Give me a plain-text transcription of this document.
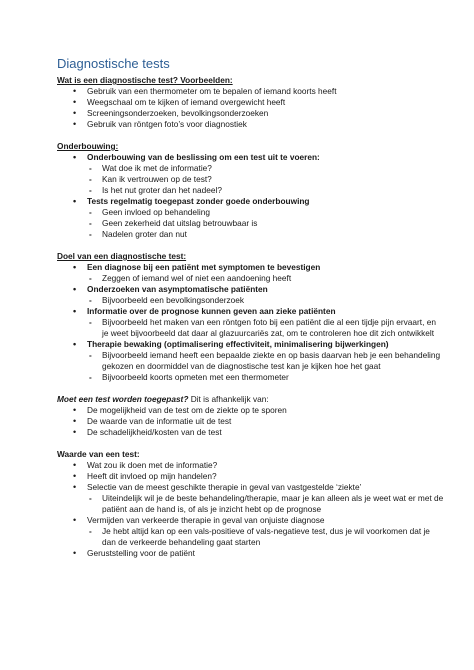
Diagnostische tests

Wat is een diagnostische test? Voorbeelden:

• Gebruik van een thermometer om te bepalen of iemand koorts heeft
• Weegschaal om te kijken of iemand overgewicht heeft
• Screeningsonderzoeken, bevolkingsonderzoeken
• Gebruik van röntgen foto’s voor diagnostiek

Onderbouwing:

• Onderbouwing van de beslissing om een test uit te voeren:
- Wat doe ik met de informatie?
- Kan ik vertrouwen op de test?
- Is het nut groter dan het nadeel?
• Tests regelmatig toegepast zonder goede onderbouwing
- Geen invloed op behandeling
- Geen zekerheid dat uitslag betrouwbaar is
- Nadelen groter dan nut

Doel van een diagnostische test:

• Een diagnose bij een patiënt met symptomen te bevestigen
- Zeggen of iemand wel of niet een aandoening heeft
• Onderzoeken van asymptomatische patiënten
- Bijvoorbeeld een bevolkingsonderzoek
• Informatie over de prognose kunnen geven aan zieke patiënten
- Bijvoorbeeld het maken van een röntgen foto bij een patiënt die al een tijdje pijn ervaart, en je weet bijvoorbeeld dat daar al glazuurcariës zat, om te controleren hoe dit zich ontwikkelt
• Therapie bewaking (optimalisering effectiviteit, minimalisering bijwerkingen)
- Bijvoorbeeld iemand heeft een bepaalde ziekte en op basis daarvan heb je een behandeling gekozen en doormiddel van de diagnostische test kan je kijken hoe het gaat
- Bijvoorbeeld koorts opmeten met een thermometer

Moet een test worden toegepast? Dit is afhankelijk van:

• De mogelijkheid van de test om de ziekte op te sporen
• De waarde van de informatie uit de test
• De schadelijkheid/kosten van de test

Waarde van een test:

• Wat zou ik doen met de informatie?
• Heeft dit invloed op mijn handelen?
• Selectie van de meest geschikte therapie in geval van vastgestelde ‘ziekte’
- Uiteindelijk wil je de beste behandeling/therapie, maar je kan alleen als je weet wat er met de patiënt aan de hand is, of als je inzicht hebt op de prognose
• Vermijden van verkeerde therapie in geval van onjuiste diagnose
- Je hebt altijd kan op een vals-positieve of vals-negatieve test, dus je wil voorkomen dat je dan de verkeerde behandeling gaat starten
• Geruststelling voor de patiënt
